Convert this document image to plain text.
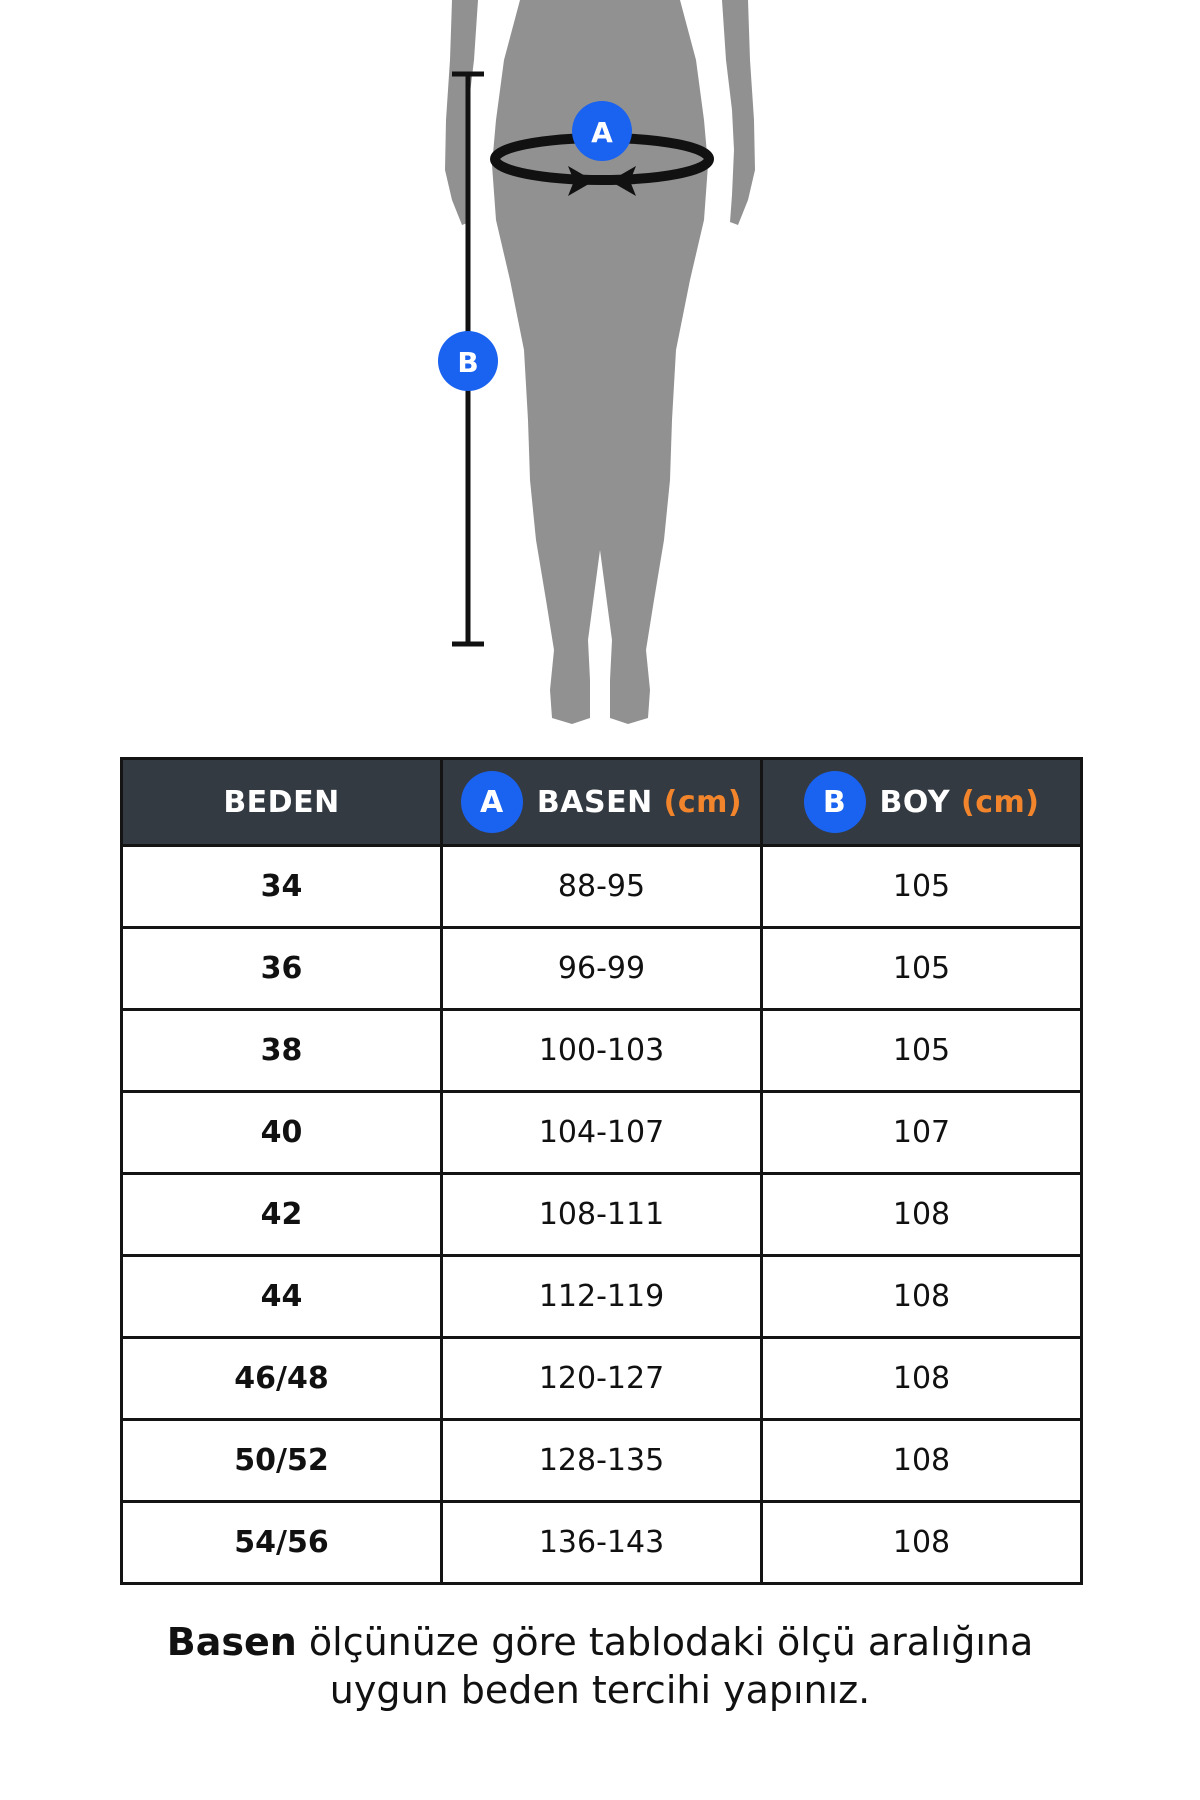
A
B
BEDEN	A BASEN (cm)	B BOY (cm)

34	88-95	105
36	96-99	105
38	100-103	105
40	104-107	107
42	108-111	108
44	112-119	108
46/48	120-127	108
50/52	128-135	108
54/56	136-143	108
Basen ölçünüze göre tablodaki ölçü aralığına
uygun beden tercihi yapınız.
